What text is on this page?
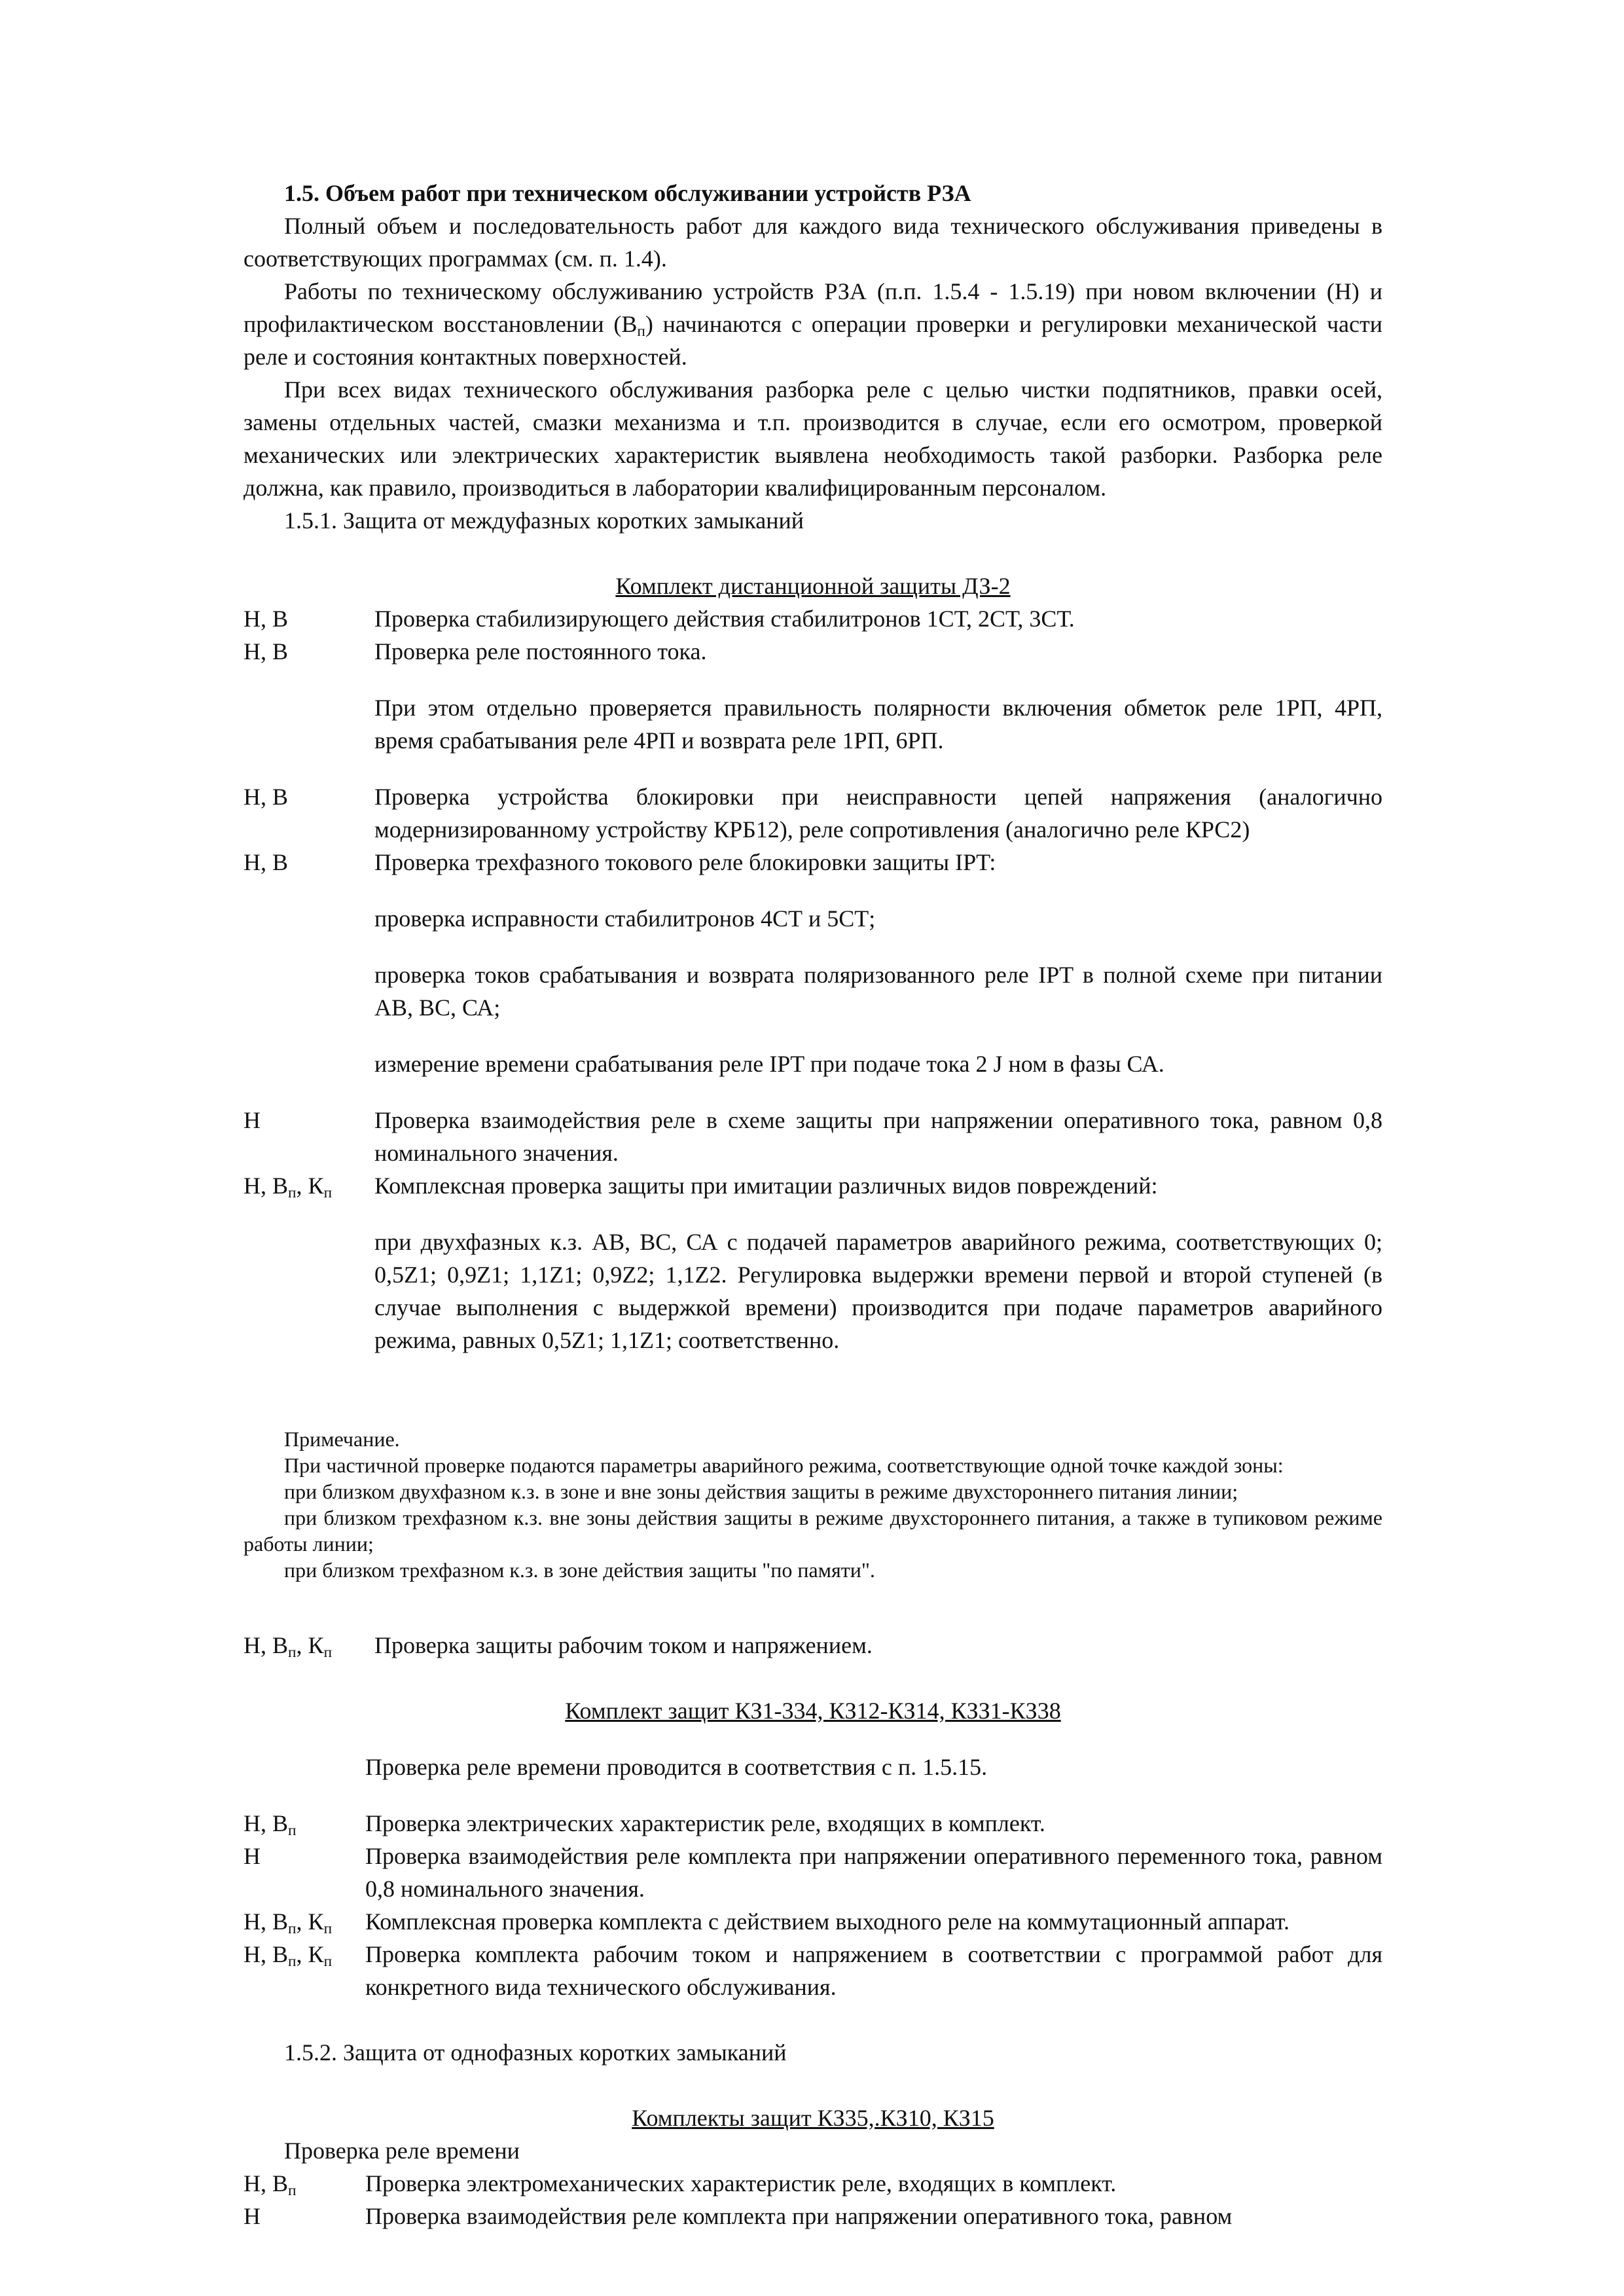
1.5. Объем работ при техническом обслуживании устройств РЗА

Полный объем и последовательность работ для каждого вида технического обслуживания приведены в соответствующих программах (см. п. 1.4).

Работы по техническому обслуживанию устройств РЗА (п.п. 1.5.4 - 1.5.19) при новом включении (Н) и профилактическом восстановлении $(В_п)$ начинаются с операции проверки и регулировки механической части реле и состояния контактных поверхностей.

При всех видах технического обслуживания разборка реле с целью чистки подпятников, правки осей, замены отдельных частей, смазки механизма и т.п. производится в случае, если его осмотром, проверкой механических или электрических характеристик выявлена необходимость такой разборки. Разборка реле должна, как правило, производиться в лаборатории квалифицированным персоналом.

1.5.1. Защита от междуфазных коротких замыканий

Комплект дистанционной защиты ДЗ-2

Н, В	Проверка стабилизирующего действия стабилитронов 1СТ, 2СТ, 3СТ.
Н, В	Проверка реле постоянного тока.

При этом отдельно проверяется правильность полярности включения обметок реле 1РП, 4РП, время срабатывания реле 4РП и возврата реле 1РП, 6РП.

Н, В	Проверка устройства блокировки при неисправности цепей напряжения (аналогично модернизированному устройству КРБ12), реле сопротивления (аналогично реле КРС2)
Н, В	Проверка трехфазного токового реле блокировки защиты IPT:

проверка исправности стабилитронов 4СТ и 5СТ;

проверка токов срабатывания и возврата поляризованного реле IPT в полной схеме при питании АВ, ВС, СА;

измерение времени срабатывания реле IPT при подаче тока 2 J ном в фазы СА.

Н	Проверка взаимодействия реле в схеме защиты при напряжении оперативного тока, равном 0,8 номинального значения.
Н, $В_п$, $К_п$	Комплексная проверка защиты при имитации различных видов повреждений:

при двухфазных к.з. АВ, ВС, СА с подачей параметров аварийного режима, соответствующих 0; 0,5Z1; 0,9Z1; 1,1Z1; 0,9Z2; 1,1Z2. Регулировка выдержки времени первой и второй ступеней (в случае выполнения с выдержкой времени) производится при подаче параметров аварийного режима, равных 0,5Z1; 1,1Z1; соответственно.

Примечание.

При частичной проверке подаются параметры аварийного режима, соответствующие одной точке каждой зоны:

при близком двухфазном к.з. в зоне и вне зоны действия защиты в режиме двухстороннего питания линии;

при близком трехфазном к.з. вне зоны действия защиты в режиме двухстороннего питания, а также в тупиковом режиме работы линии;

при близком трехфазном к.з. в зоне действия защиты "по памяти".

Н, $В_п$, $К_п$	Проверка защиты рабочим током и напряжением.

Комплект защит КЗ1-334, КЗ12-КЗ14, КЗЗ1-КЗ38

Проверка реле времени проводится в соответствия с п. 1.5.15.

Н, $В_п$	Проверка электрических характеристик реле, входящих в комплект.
Н	Проверка взаимодействия реле комплекта при напряжении оперативного переменного тока, равном 0,8 номинального значения.
Н, $В_п$, $К_п$	Комплексная проверка комплекта с действием выходного реле на коммутационный аппарат.
Н, $В_п$, $К_п$	Проверка комплекта рабочим током и напряжением в соответствии с программой работ для конкретного вида технического обслуживания.

1.5.2. Защита от однофазных коротких замыканий

Комплекты защит КЗ35,.КЗ10, КЗ15

Проверка реле времени

Н, $В_п$	Проверка электромеханических характеристик реле, входящих в комплект.
Н	Проверка взаимодействия реле комплекта при напряжении оперативного тока, равном
